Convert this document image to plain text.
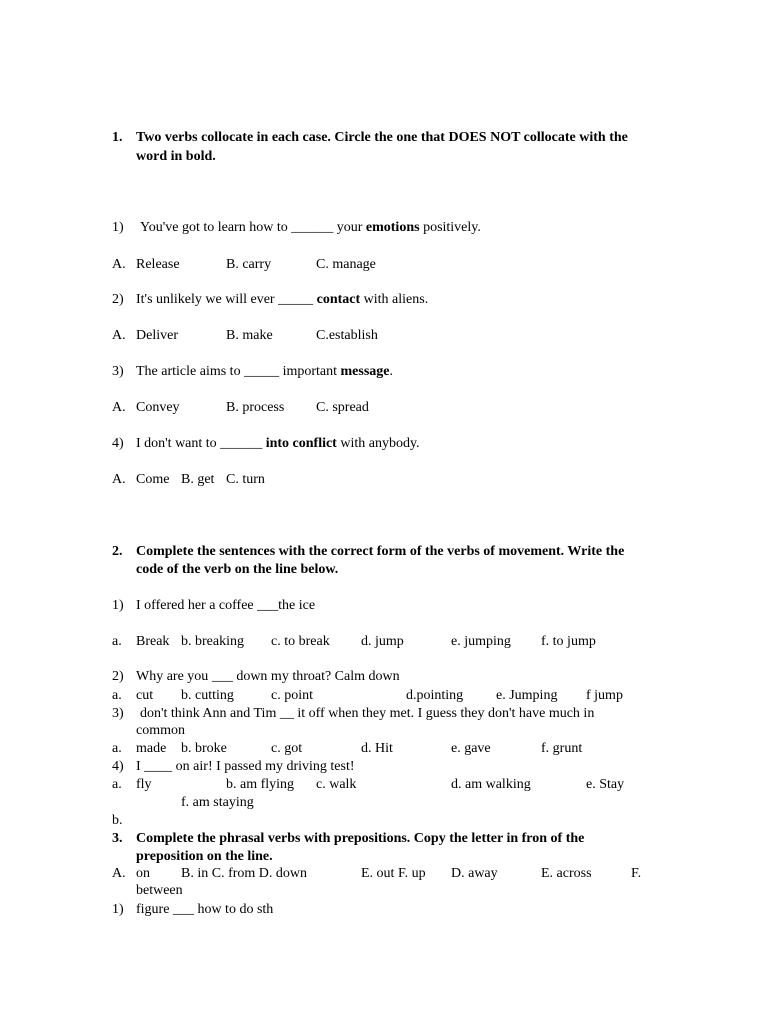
1. Two verbs collocate in each case. Circle the one that DOES NOT collocate with the
word in bold.
1) You've got to learn how to ______ your emotions positively.
A. Release	B. carry	C. manage
2) It's unlikely we will ever _____ contact with aliens.
A. Deliver	B. make	C.establish
3) The article aims to _____ important message.
A. Convey	B. process C. spread
4) I don't want to ______ into conflict with anybody.
A. Come B. get C. turn
2. Complete the sentences with the correct form of the verbs of movement. Write the
code of the verb on the line below.
1) I offered her a coffee ___the ice
a. Break b. breaking c. to break d. jump	e. jumping f. to jump
2) Why are you ___ down my throat? Calm down
a. cut b. cutting	c. point	d.pointing e. Jumping f jump
3) don't think Ann and Tim __ it off when they met. I guess they don't have much in
common
a. made b. broke	c. got	d. Hit	e. gave	f. grunt
4) I ____ on air! I passed my driving test!
a. fly	b. am flying c. walk	d. am walking	e. Stay
f. am staying
b.
3. Complete the phrasal verbs with prepositions. Copy the letter in fron of the
preposition on the line.
A. on B. in C. from D. down	E. out F. up D. away	E. across	F.
between
1) figure ___ how to do sth
